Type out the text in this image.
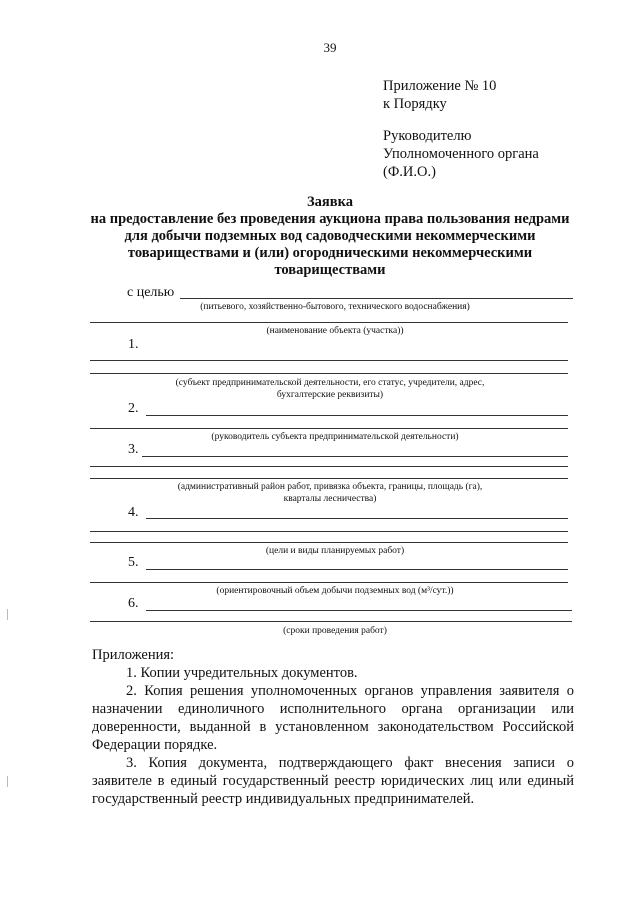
39
Приложение № 10
к Порядку
Руководителю
Уполномоченного органа
(Ф.И.О.)
Заявка
на предоставление без проведения аукциона права пользования недрами
для добычи подземных вод садоводческими некоммерческими
товариществами и (или) огородническими некоммерческими
товариществами
с целью
(питьевого, хозяйственно-бытового, технического водоснабжения)
(наименование объекта (участка))
1.
(субъект предпринимательской деятельности, его статус, учредители, адрес,
бухгалтерские реквизиты)
2.
(руководитель субъекта предпринимательской деятельности)
3.
(административный район работ, привязка объекта, границы, площадь (га),
кварталы лесничества)
4.
(цели и виды планируемых работ)
5.
(ориентировочный объем добычи подземных вод (м³/сут.))
6.
(сроки проведения работ)
Приложения:
1. Копии учредительных документов.
2. Копия решения уполномоченных органов управления заявителя о назначении единоличного исполнительного органа организации или доверенности, выданной в установленном законодательством Российской Федерации порядке.
3. Копия документа, подтверждающего факт внесения записи о заявителе в единый государственный реестр юридических лиц или единый государственный реестр индивидуальных предпринимателей.
